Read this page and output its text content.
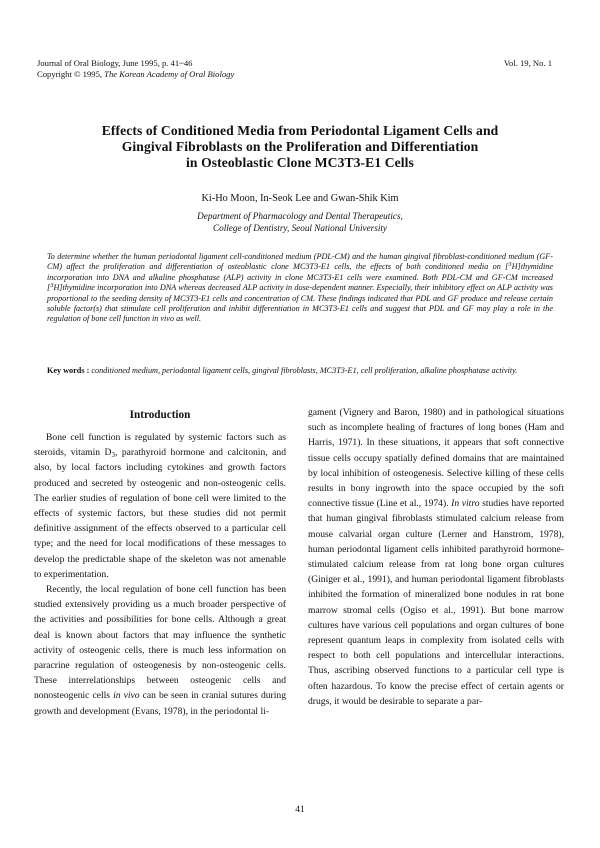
Journal of Oral Biology, June 1995, p. 41~46
Copyright © 1995, The Korean Academy of Oral Biology
Vol. 19, No. 1
Effects of Conditioned Media from Periodontal Ligament Cells and
Gingival Fibroblasts on the Proliferation and Differentiation
in Osteoblastic Clone MC3T3-E1 Cells
Ki-Ho Moon, In-Seok Lee and Gwan-Shik Kim
Department of Pharmacology and Dental Therapeutics,
College of Dentistry, Seoul National University
To determine whether the human periodontal ligament cell-conditioned medium (PDL-CM) and the human gingival fibroblast-conditioned medium (GF-CM) affect the proliferation and differentiation of osteoblastic clone MC3T3-E1 cells, the effects of both conditioned media on [$^3$H]thymidine incorporation into DNA and alkaline phosphatase (ALP) activity in clone MC3T3-E1 cells were examined. Both PDL-CM and GF-CM increased [$^3$H]thymidine incorporation into DNA whereas decreased ALP activity in dose-dependent manner. Especially, their inhibitory effect on ALP activity was proportional to the seeding density of MC3T3-E1 cells and concentration of CM. These findings indicated that PDL and GF produce and release certain soluble factor(s) that stimulate cell proliferation and inhibit differentiation in MC3T3-E1 cells and suggest that PDL and GF may play a role in the regulation of bone cell function in vivo as well.
Key words : conditioned medium, periodontal ligament cells, gingival fibroblasts, MC3T3-E1, cell proliferation, alkaline phosphatase activity.
Introduction

Bone cell function is regulated by systemic factors such as steroids, vitamin $D_3$, parathyroid hormone and calcitonin, and also, by local factors including cytokines and growth factors produced and secreted by osteogenic and non-osteogenic cells. The earlier studies of regulation of bone cell were limited to the effects of systemic factors, but these studies did not permit definitive assignment of the effects observed to a particular cell type; and the need for local modifications of these messages to develop the predictable shape of the skeleton was not amenable to experimentation.

Recently, the local regulation of bone cell function has been studied extensively providing us a much broader perspective of the activities and possibilities for bone cells. Although a great deal is known about factors that may influence the synthetic activity of osteogenic cells, there is much less information on paracrine regulation of osteogenesis by non-osteogenic cells. These interrelationships between osteogenic cells and nonosteogenic cells in vivo can be seen in cranial sutures during growth and development (Evans, 1978), in the periodontal li-

gament (Vignery and Baron, 1980) and in pathological situations such as incomplete healing of fractures of long bones (Ham and Harris, 1971). In these situations, it appears that soft connective tissue cells occupy spatially defined domains that are maintained by local inhibition of osteogenesis. Selective killing of these cells results in bony ingrowth into the space occupied by the soft connective tissue (Line et al., 1974). In vitro studies have reported that human gingival fibroblasts stimulated calcium release from mouse calvarial organ culture (Lerner and Hanstrom, 1978), human periodontal ligament cells inhibited parathyroid hormone-stimulated calcium release from rat long bone organ cultures (Giniger et al., 1991), and human periodontal ligament fibroblasts inhibited the formation of mineralized bone nodules in rat bone marrow stromal cells (Ogiso et al., 1991). But bone marrow cultures have various cell populations and organ cultures of bone represent quantum leaps in complexity from isolated cells with respect to both cell populations and intercellular interactions. Thus, ascribing observed functions to a particular cell type is often hazardous. To know the precise effect of certain agents or drugs, it would be desirable to separate a par-

41
